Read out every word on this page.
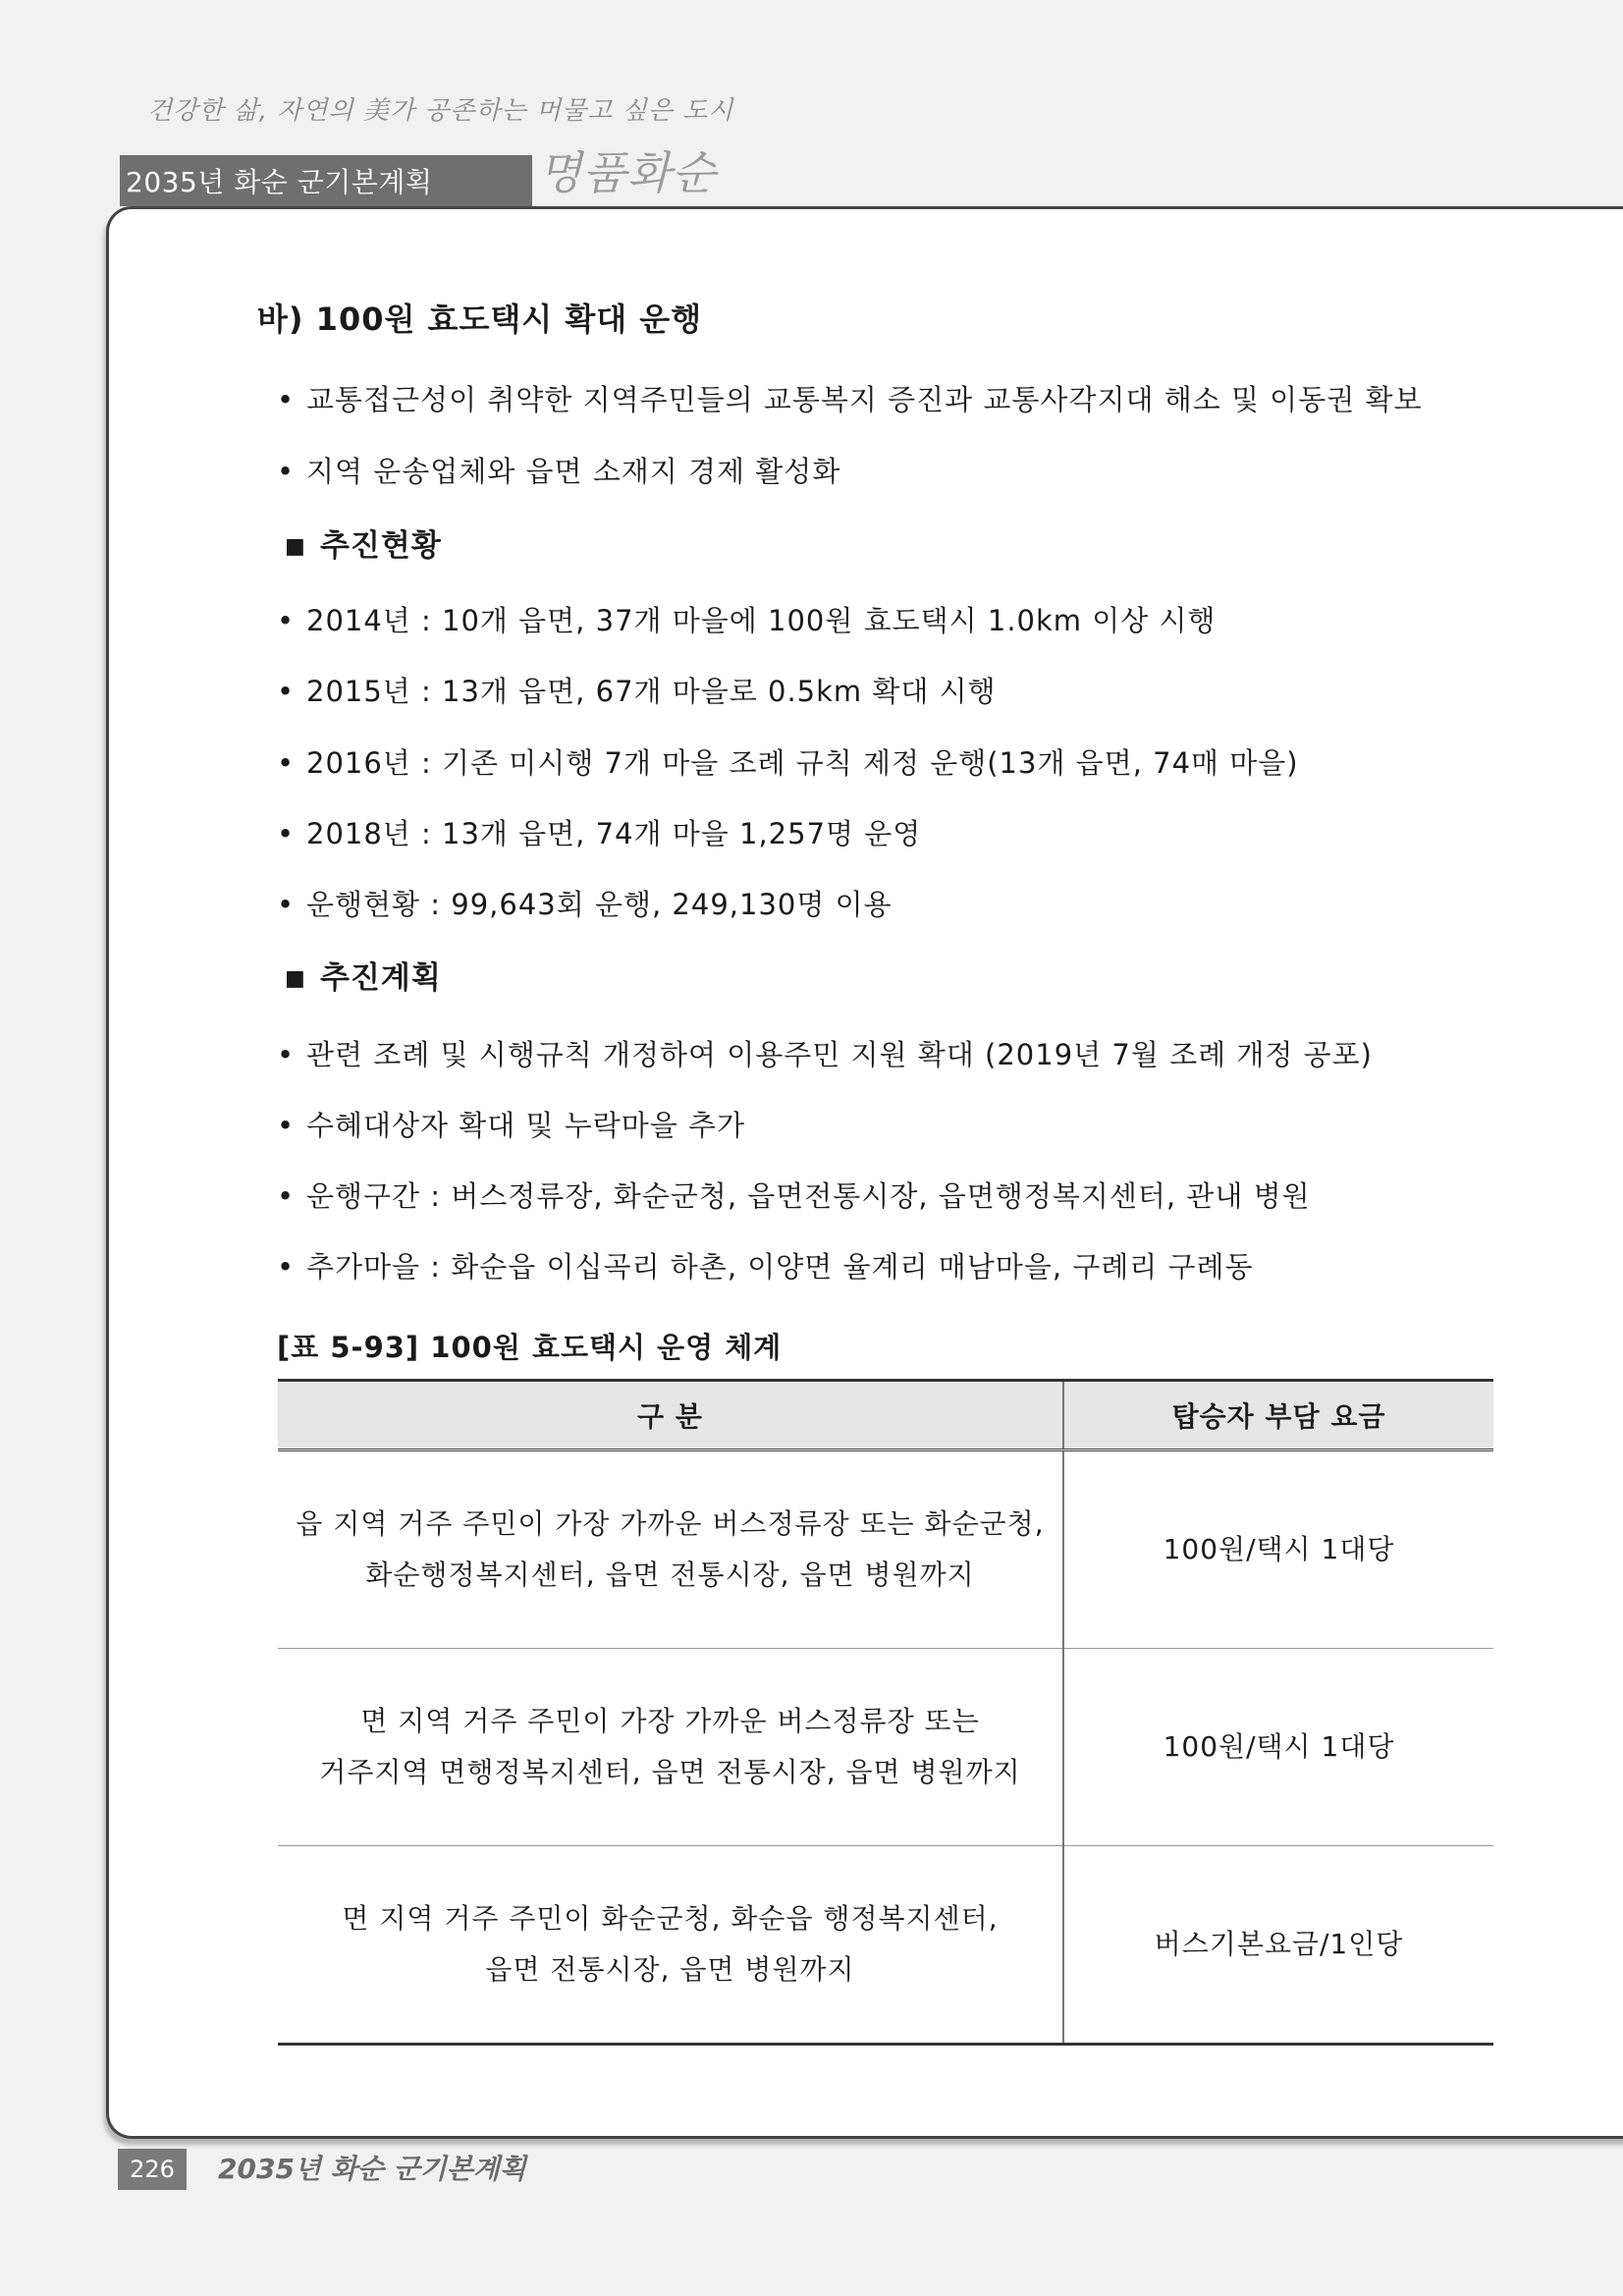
건강한 삶, 자연의 美가 공존하는 머물고 싶은 도시
2035년 화순 군기본계획 명품화순
바) 100원 효도택시 확대 운행
• 교통접근성이 취약한 지역주민들의 교통복지 증진과 교통사각지대 해소 및 이동권 확보
• 지역 운송업체와 읍면 소재지 경제 활성화
■ 추진현황
• 2014년 : 10개 읍면, 37개 마을에 100원 효도택시 1.0km 이상 시행
• 2015년 : 13개 읍면, 67개 마을로 0.5km 확대 시행
• 2016년 : 기존 미시행 7개 마을 조례 규칙 제정 운행(13개 읍면, 74매 마을)
• 2018년 : 13개 읍면, 74개 마을 1,257명 운영
• 운행현황 : 99,643회 운행, 249,130명 이용
■ 추진계획
• 관련 조례 및 시행규칙 개정하여 이용주민 지원 확대 (2019년 7월 조례 개정 공포)
• 수혜대상자 확대 및 누락마을 추가
• 운행구간 : 버스정류장, 화순군청, 읍면전통시장, 읍면행정복지센터, 관내 병원
• 추가마을 : 화순읍 이십곡리 하촌, 이양면 율계리 매남마을, 구례리 구례동
[표 5-93] 100원 효도택시 운영 체계
구 분	탑승자 부담 요금
읍 지역 거주 주민이 가장 가까운 버스정류장 또는 화순군청,
화순행정복지센터, 읍면 전통시장, 읍면 병원까지	100원/택시 1대당
면 지역 거주 주민이 가장 가까운 버스정류장 또는
거주지역 면행정복지센터, 읍면 전통시장, 읍면 병원까지	100원/택시 1대당
면 지역 거주 주민이 화순군청, 화순읍 행정복지센터,
읍면 전통시장, 읍면 병원까지	버스기본요금/1인당
226	2035년 화순 군기본계획
